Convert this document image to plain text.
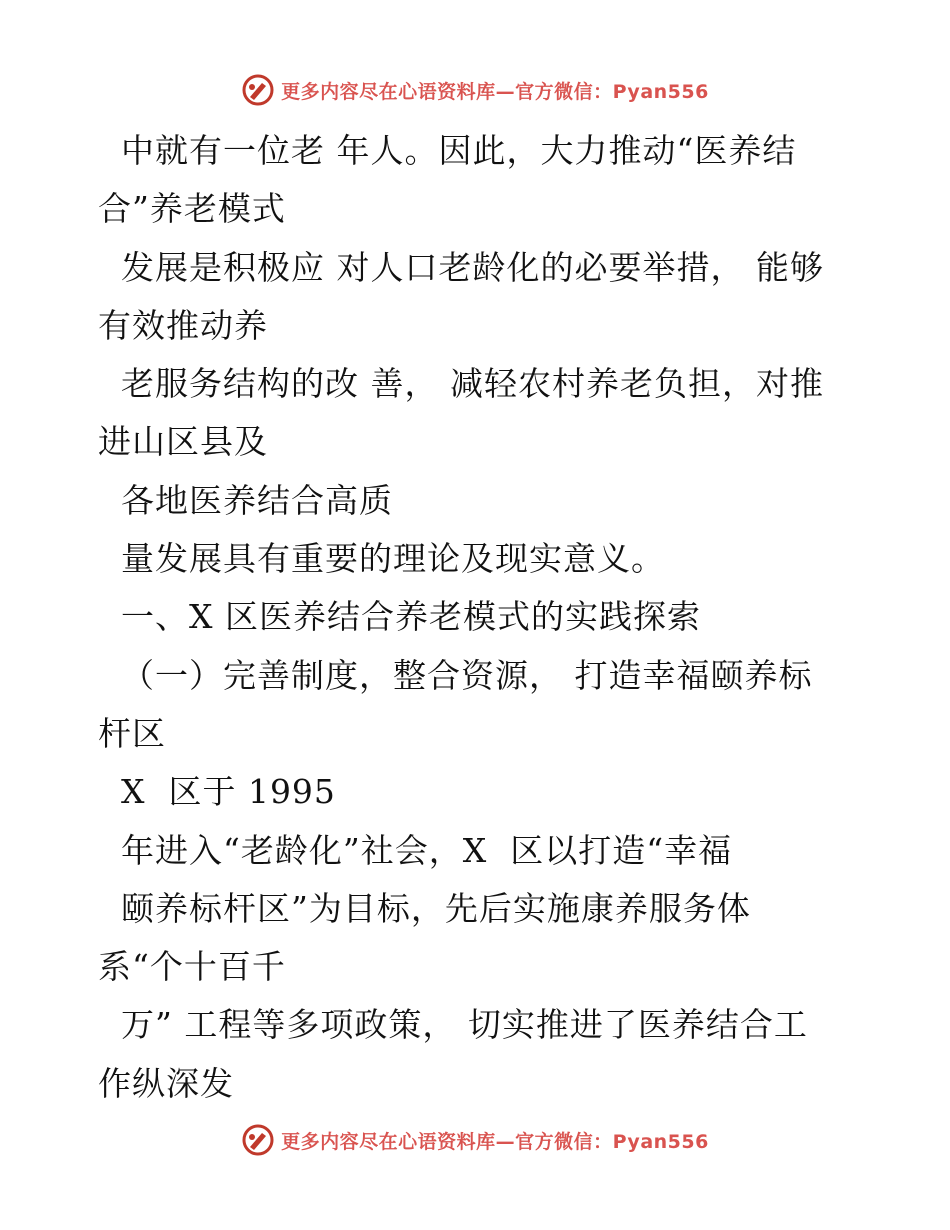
更多内容尽在心语资料库—官方微信：Pyan556
中就有一位老 年人。因此，大力推动“医养结
合”养老模式
发展是积极应 对人口老龄化的必要举措， 能够
有效推动养
老服务结构的改 善， 减轻农村养老负担，对推
进山区县及
各地医养结合高质
量发展具有重要的理论及现实意义。
一、X 区医养结合养老模式的实践探索
（一）完善制度，整合资源， 打造幸福颐养标
杆区
X  区于 1995
年进入“老龄化”社会，X  区以打造“幸福
颐养标杆区”为目标，先后实施康养服务体
系“个十百千
万” 工程等多项政策， 切实推进了医养结合工
作纵深发
更多内容尽在心语资料库—官方微信：Pyan556
